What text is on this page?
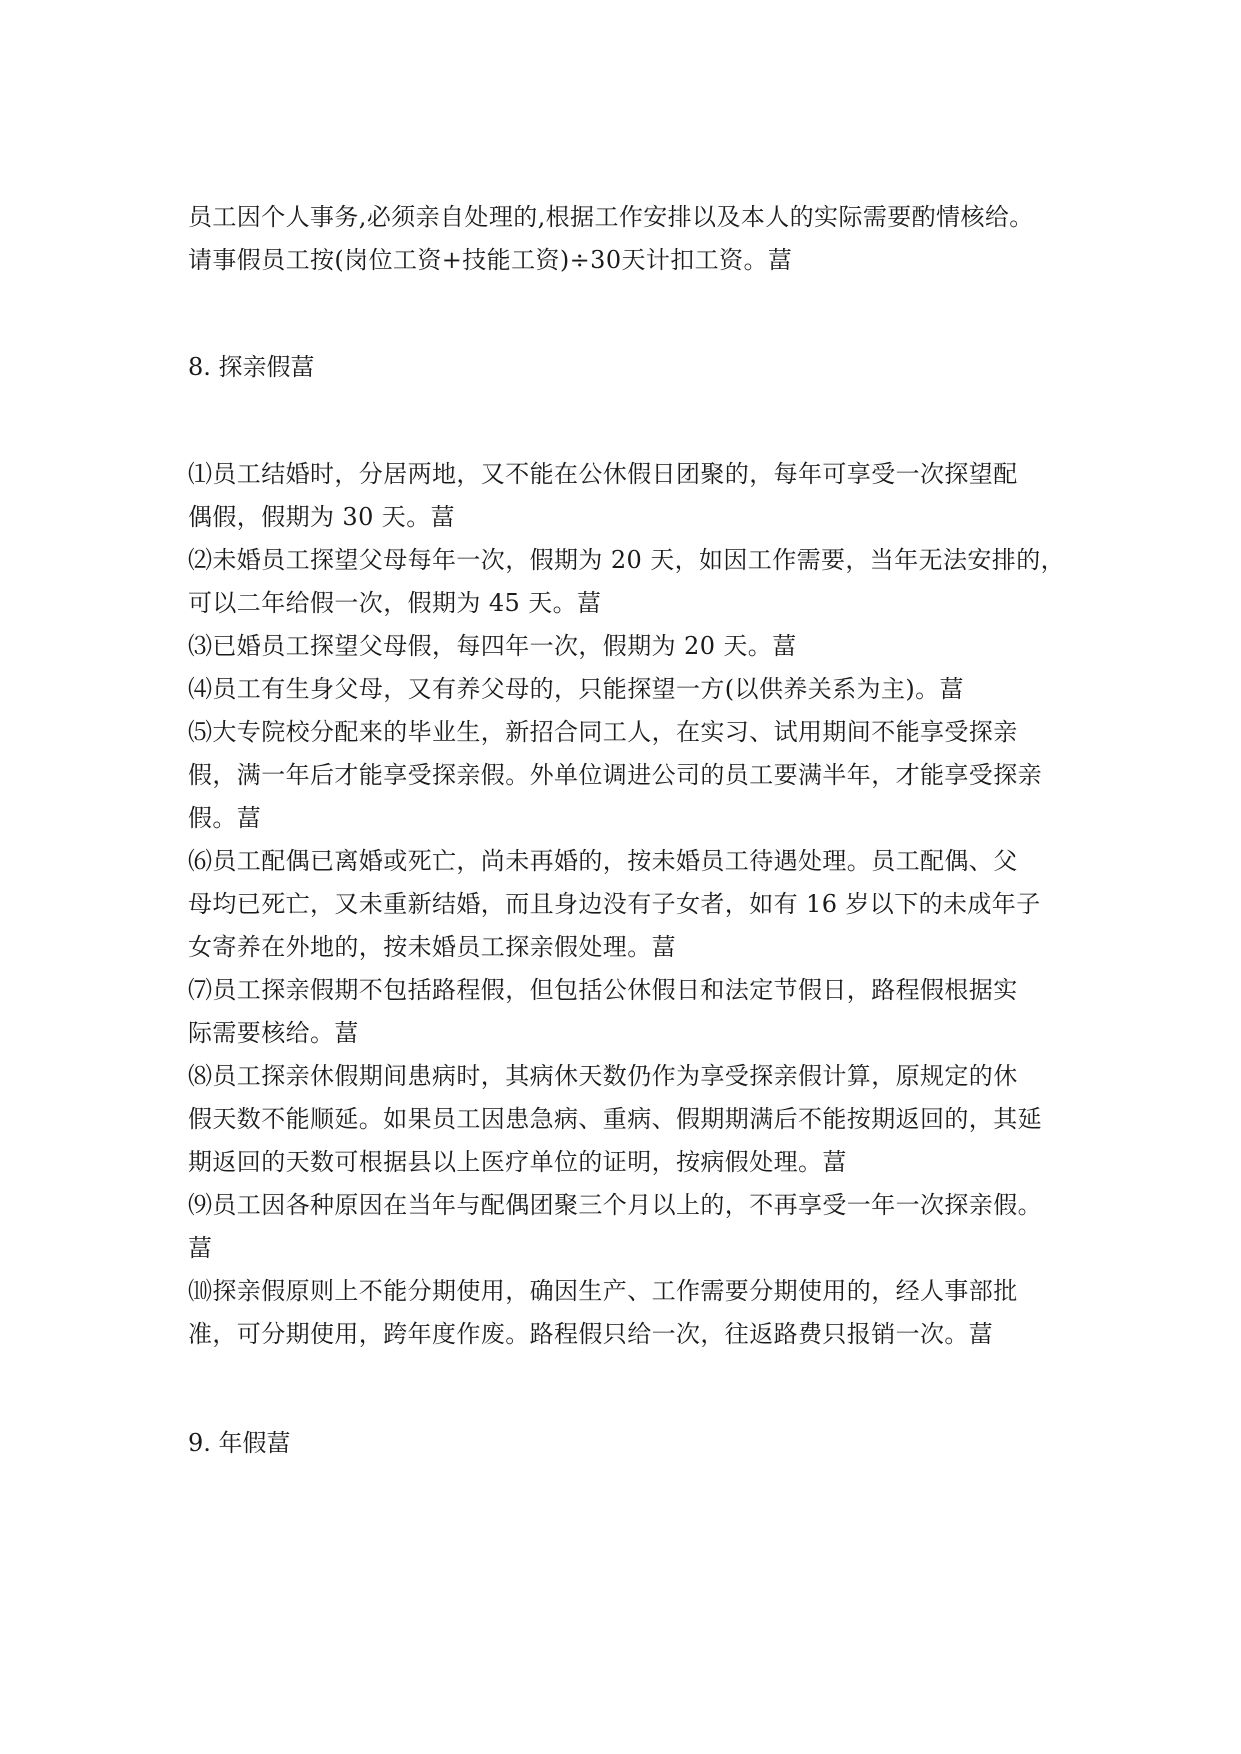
员工因个人事务,必须亲自处理的,根据工作安排以及本人的实际需要酌情核给。
请事假员工按(岗位工资+技能工资)÷30天计扣工资。葍
8. 探亲假葍
⑴员工结婚时，分居两地，又不能在公休假日团聚的，每年可享受一次探望配
偶假，假期为 30 天。葍
⑵未婚员工探望父母每年一次，假期为 20 天，如因工作需要，当年无法安排的，
可以二年给假一次，假期为 45 天。葍
⑶已婚员工探望父母假，每四年一次，假期为 20 天。葍
⑷员工有生身父母，又有养父母的，只能探望一方(以供养关系为主)。葍
⑸大专院校分配来的毕业生，新招合同工人，在实习、试用期间不能享受探亲
假，满一年后才能享受探亲假。外单位调进公司的员工要满半年，才能享受探亲
假。葍
⑹员工配偶已离婚或死亡，尚未再婚的，按未婚员工待遇处理。员工配偶、父
母均已死亡，又未重新结婚，而且身边没有子女者，如有 16 岁以下的未成年子
女寄养在外地的，按未婚员工探亲假处理。葍
⑺员工探亲假期不包括路程假，但包括公休假日和法定节假日，路程假根据实
际需要核给。葍
⑻员工探亲休假期间患病时，其病休天数仍作为享受探亲假计算，原规定的休
假天数不能顺延。如果员工因患急病、重病、假期期满后不能按期返回的，其延
期返回的天数可根据县以上医疗单位的证明，按病假处理。葍
⑼员工因各种原因在当年与配偶团聚三个月以上的，不再享受一年一次探亲假。
葍
⑽探亲假原则上不能分期使用，确因生产、工作需要分期使用的，经人事部批
准，可分期使用，跨年度作废。路程假只给一次，往返路费只报销一次。葍
9. 年假葍
